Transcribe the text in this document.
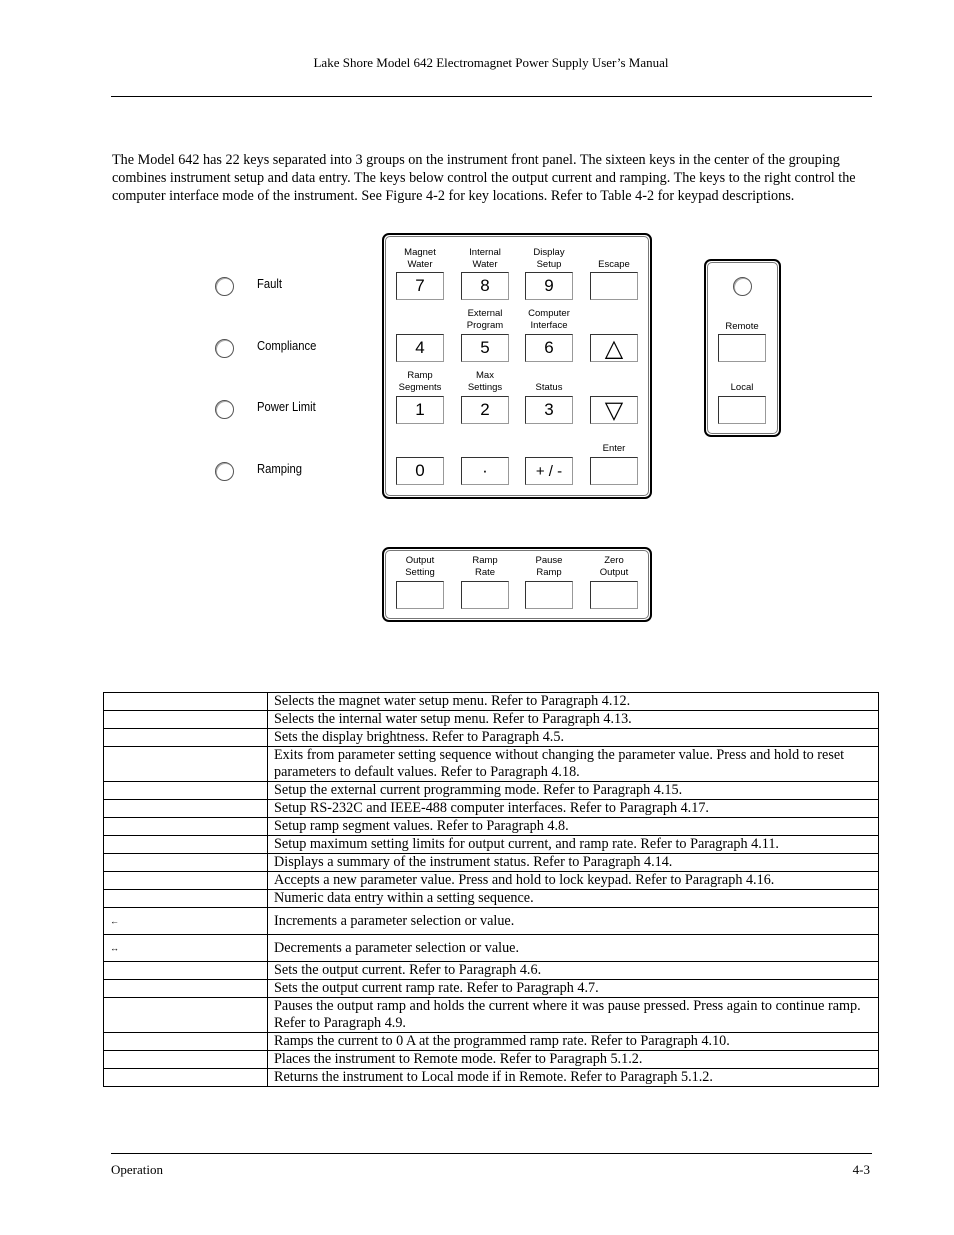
Lake Shore Model 642 Electromagnet Power Supply User’s Manual

The Model 642 has 22 keys separated into 3 groups on the instrument front panel. The sixteen keys in the center of the grouping combines instrument setup and data entry. The keys below control the output current and ramping. The keys to the right control the computer interface mode of the instrument. See Figure 4-2 for key locations. Refer to Table 4-2 for keypad descriptions.

Fault
Compliance
Power Limit
Ramping
Magnet
Water
Internal
Water
Display
Setup	Escape
External
Program
Computer
Interface
Ramp
Segments
Max
Settings	Status
Enter
7	8	9
4	5	6	△
1	2	3	▽
0	·	+ / -
Remote
Local
Output
Setting
Ramp
Rate
Pause
Ramp
Zero
Output
	Selects the magnet water setup menu. Refer to Paragraph 4.12.
	Selects the internal water setup menu. Refer to Paragraph 4.13.
	Sets the display brightness. Refer to Paragraph 4.5.
	Exits from parameter setting sequence without changing the parameter value. Press and hold to reset parameters to default values. Refer to Paragraph 4.18.
	Setup the external current programming mode. Refer to Paragraph 4.15.
	Setup RS-232C and IEEE-488 computer interfaces. Refer to Paragraph 4.17.
	Setup ramp segment values. Refer to Paragraph 4.8.
	Setup maximum setting limits for output current, and ramp rate. Refer to Paragraph 4.11.
	Displays a summary of the instrument status. Refer to Paragraph 4.14.
	Accepts a new parameter value. Press and hold to lock keypad. Refer to Paragraph 4.16.
	Numeric data entry within a setting sequence.
←	Increments a parameter selection or value.
↔	Decrements a parameter selection or value.
	Sets the output current. Refer to Paragraph 4.6.
	Sets the output current ramp rate. Refer to Paragraph 4.7.
	Pauses the output ramp and holds the current where it was pause pressed. Press again to continue ramp. Refer to Paragraph 4.9.
	Ramps the current to 0 A at the programmed ramp rate. Refer to Paragraph 4.10.
	Places the instrument to Remote mode. Refer to Paragraph 5.1.2.
	Returns the instrument to Local mode if in Remote. Refer to Paragraph 5.1.2.
Operation	4-3
